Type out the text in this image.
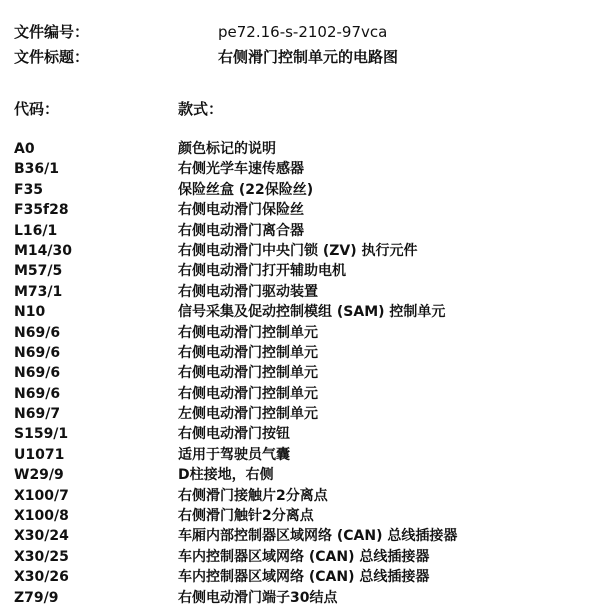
文件编号：	pe72.16-s-2102-97vca
文件标题：	右侧滑门控制单元的电路图
代码：	款式：
A0	颜色标记的说明
B36/1	右侧光学车速传感器
F35	保险丝盒 (22保险丝)
F35f28	右侧电动滑门保险丝
L16/1	右侧电动滑门离合器
M14/30	右侧电动滑门中央门锁 (ZV) 执行元件
M57/5	右侧电动滑门打开辅助电机
M73/1	右侧电动滑门驱动装置
N10	信号采集及促动控制模组 (SAM) 控制单元
N69/6	右侧电动滑门控制单元
N69/6	右侧电动滑门控制单元
N69/6	右侧电动滑门控制单元
N69/6	右侧电动滑门控制单元
N69/7	左侧电动滑门控制单元
S159/1	右侧电动滑门按钮
U1071	适用于驾驶员气囊
W29/9	D柱接地，右侧
X100/7	右侧滑门接触片2分离点
X100/8	右侧滑门触针2分离点
X30/24	车厢内部控制器区域网络 (CAN) 总线插接器
X30/25	车内控制器区域网络 (CAN) 总线插接器
X30/26	车内控制器区域网络 (CAN) 总线插接器
Z79/9	右侧电动滑门端子30结点
